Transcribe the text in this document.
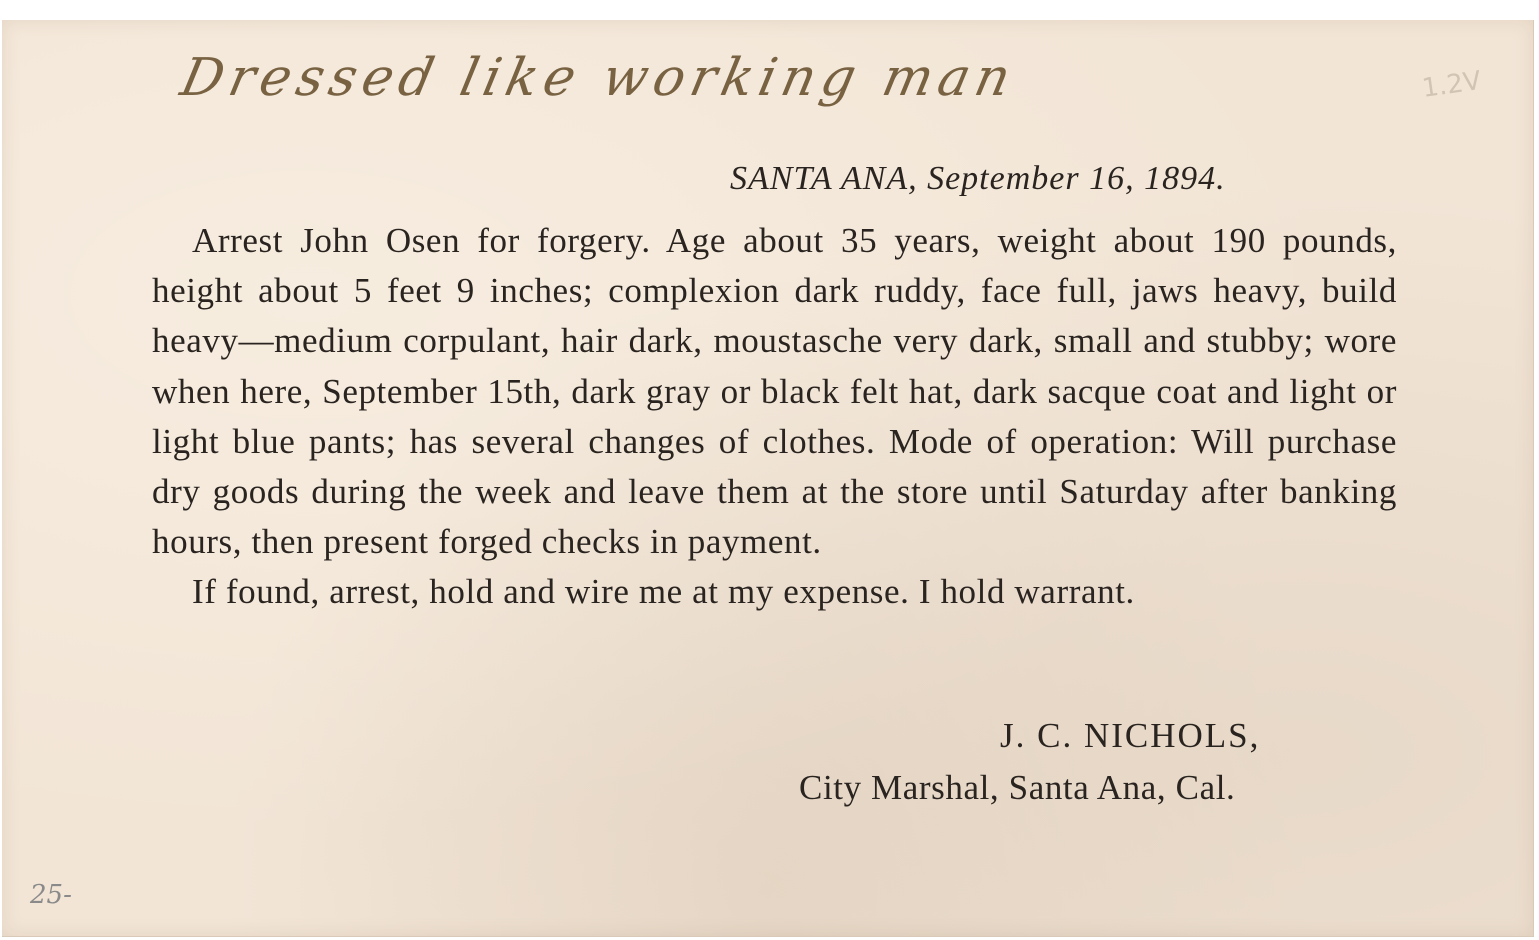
Dressed like working man	1.2V
SANTA ANA, September 16, 1894.

Arrest John Osen for forgery. Age about 35 years, weight about 190 pounds, height about 5 feet 9 inches; complexion dark ruddy, face full, jaws heavy, build heavy—medium corpulant, hair dark, moustasche very dark, small and stubby; wore when here, September 15th, dark gray or black felt hat, dark sacque coat and light or light blue pants; has several changes of clothes. Mode of operation: Will purchase dry goods during the week and leave them at the store until Saturday after banking hours, then present forged checks in payment.

If found, arrest, hold and wire me at my expense. I hold warrant.

J. C. NICHOLS,
City Marshal, Santa Ana, Cal.
25-
